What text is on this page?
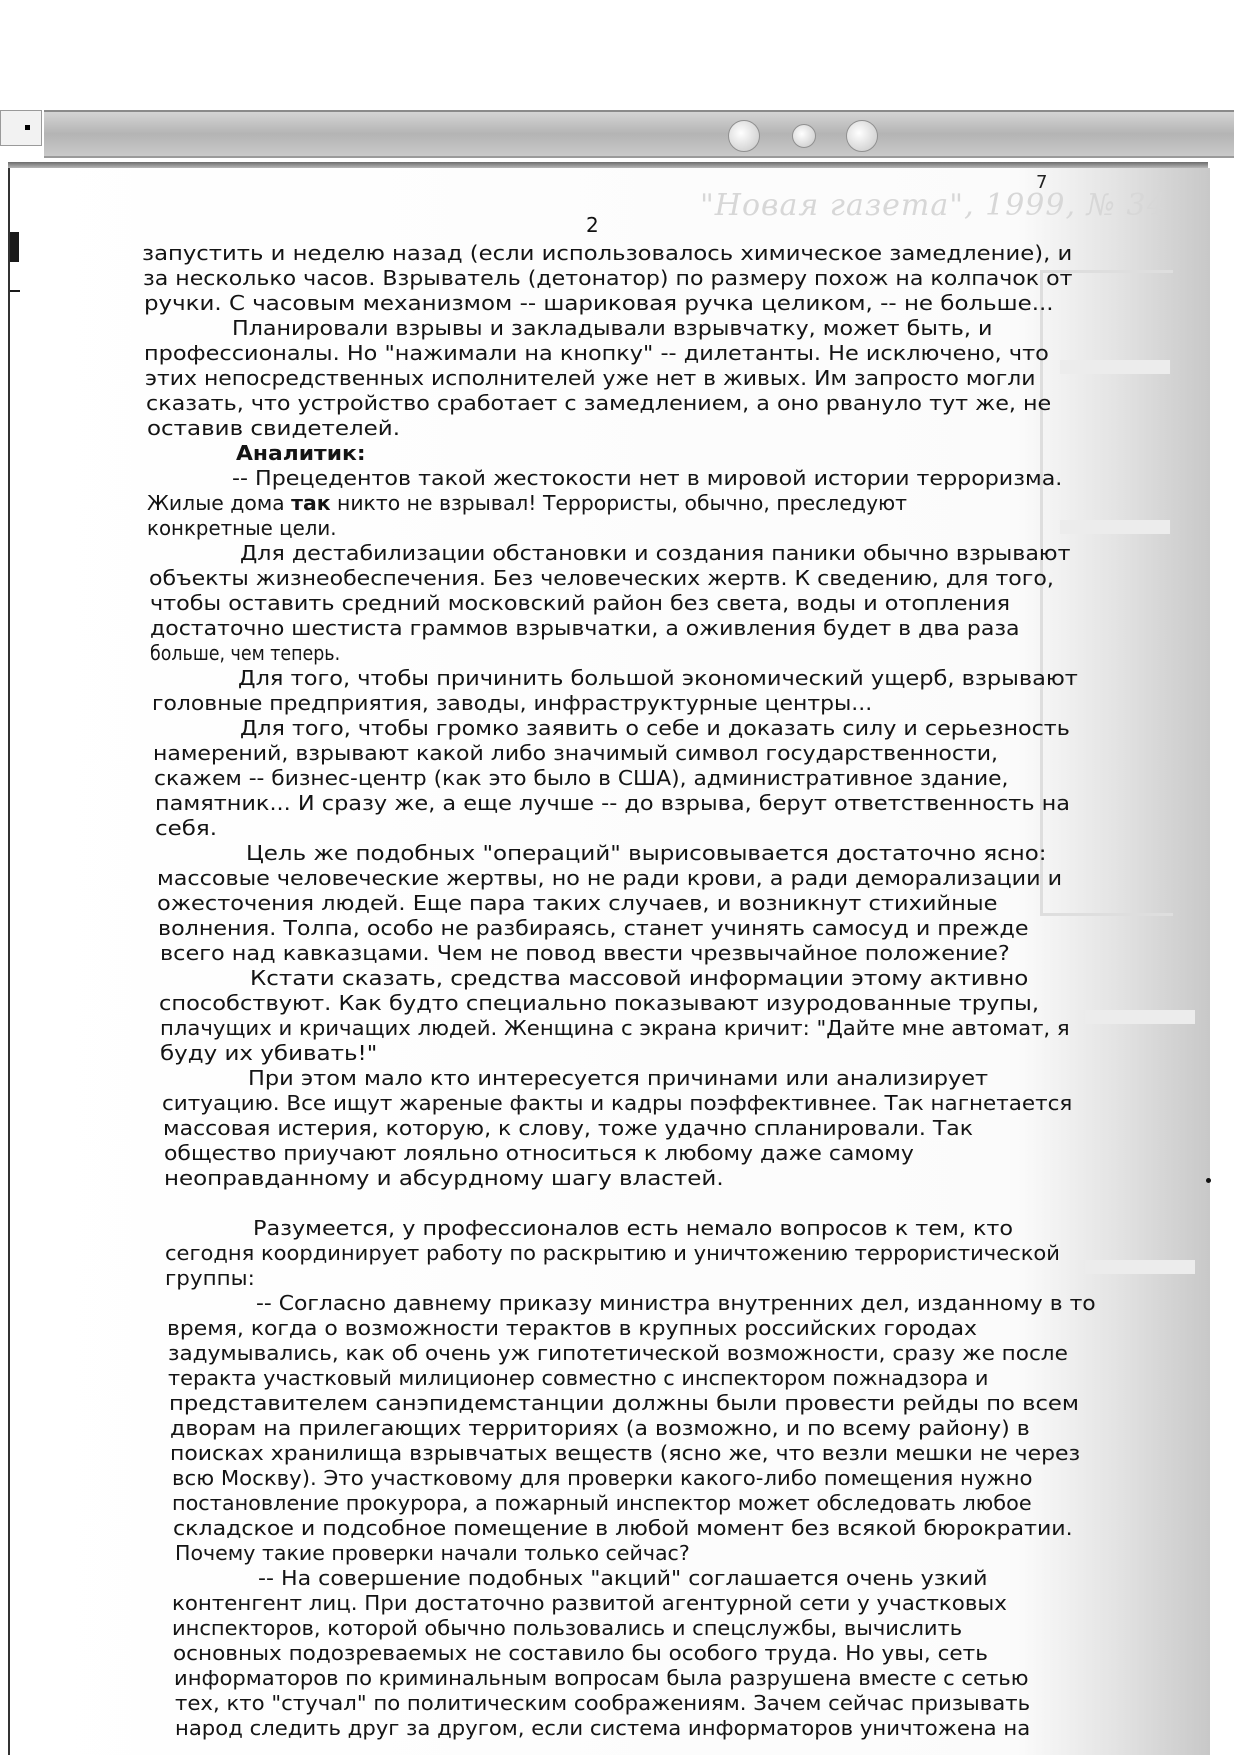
"Новая газета", 1999, № 34
7
2
запустить и неделю назад (если использовалось химическое замедление), и
за несколько часов. Взрыватель (детонатор) по размеру похож на колпачок от
ручки. С часовым механизмом -- шариковая ручка целиком, -- не больше...
Планировали взрывы и закладывали взрывчатку, может быть, и
профессионалы. Но "нажимали на кнопку" -- дилетанты. Не исключено, что
этих непосредственных исполнителей уже нет в живых. Им запросто могли
сказать, что устройство сработает с замедлением, а оно рвануло тут же, не
оставив свидетелей.
Аналитик:
-- Прецедентов такой жестокости нет в мировой истории терроризма.
Жилые дома так никто не взрывал! Террористы, обычно, преследуют
конкретные цели.
Для дестабилизации обстановки и создания паники обычно взрывают
объекты жизнеобеспечения. Без человеческих жертв. К сведению, для того,
чтобы оставить средний московский район без света, воды и отопления
достаточно шестиста граммов взрывчатки, а оживления будет в два раза
больше, чем теперь.
Для того, чтобы причинить большой экономический ущерб, взрывают
головные предприятия, заводы, инфраструктурные центры...
Для того, чтобы громко заявить о себе и доказать силу и серьезность
намерений, взрывают какой либо значимый символ государственности,
скажем -- бизнес-центр (как это было в США), административное здание,
памятник... И сразу же, а еще лучше -- до взрыва, берут ответственность на
себя.
Цель же подобных "операций" вырисовывается достаточно ясно:
массовые человеческие жертвы, но не ради крови, а ради деморализации и
ожесточения людей. Еще пара таких случаев, и возникнут стихийные
волнения. Толпа, особо не разбираясь, станет учинять самосуд и прежде
всего над кавказцами. Чем не повод ввести чрезвычайное положение?
Кстати сказать, средства массовой информации этому активно
способствуют. Как будто специально показывают изуродованные трупы,
плачущих и кричащих людей. Женщина с экрана кричит: "Дайте мне автомат, я
буду их убивать!"
При этом мало кто интересуется причинами или анализирует
ситуацию. Все ищут жареные факты и кадры поэффективнее. Так нагнетается
массовая истерия, которую, к слову, тоже удачно спланировали. Так
общество приучают лояльно относиться к любому даже самому
неоправданному и абсурдному шагу властей.
Разумеется, у профессионалов есть немало вопросов к тем, кто
сегодня координирует работу по раскрытию и уничтожению террористической
группы:
-- Согласно давнему приказу министра внутренних дел, изданному в то
время, когда о возможности терактов в крупных российских городах
задумывались, как об очень уж гипотетической возможности, сразу же после
теракта участковый милиционер совместно с инспектором пожнадзора и
представителем санэпидемстанции должны были провести рейды по всем
дворам на прилегающих территориях (а возможно, и по всему району) в
поисках хранилища взрывчатых веществ (ясно же, что везли мешки не через
всю Москву). Это участковому для проверки какого-либо помещения нужно
постановление прокурора, а пожарный инспектор может обследовать любое
складское и подсобное помещение в любой момент без всякой бюрократии.
Почему такие проверки начали только сейчас?
-- На совершение подобных "акций" соглашается очень узкий
контенгент лиц. При достаточно развитой агентурной сети у участковых
инспекторов, которой обычно пользовались и спецслужбы, вычислить
основных подозреваемых не составило бы особого труда. Но увы, сеть
информаторов по криминальным вопросам была разрушена вместе с сетью
тех, кто "стучал" по политическим соображениям. Зачем сейчас призывать
народ следить друг за другом, если система информаторов уничтожена на
